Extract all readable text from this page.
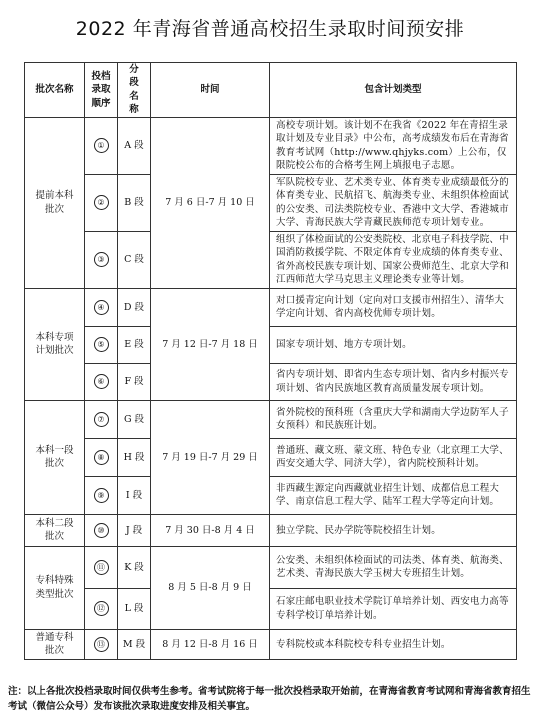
2022 年青海省普通高校招生录取时间预安排
批次名称	投档录取顺序	分段名称	时间	包含计划类型
提前本科批次	①	A 段	7 月 6 日-7 月 10 日	高校专项计划。该计划不在我省《2022 年在青招生录取计划及专业目录》中公布，高考成绩发布后在青海省教育考试网（http://www.qhjyks.com）上公布，仅限院校公布的合格考生网上填报电子志愿。
	②	B 段		军队院校专业、艺术类专业、体育类专业成绩最低分的体育类专业、民航招飞、航海类专业、未组织体检面试的公安类、司法类院校专业、香港中文大学、香港城市大学、青海民族大学青藏民族师范专项计划专业。
	③	C 段		组织了体检面试的公安类院校、北京电子科技学院、中国消防救援学院、不限定体育专业成绩的体育类专业、省外高校民族专项计划、国家公费师范生、北京大学和江西师范大学马克思主义理论类专业等计划。
本科专项计划批次	④	D 段	7 月 12 日-7 月 18 日	对口援青定向计划（定向对口支援市州招生）、清华大学定向计划、省内高校优师专项计划。
	⑤	E 段		国家专项计划、地方专项计划。
	⑥	F 段		省内专项计划、即省内生态专项计划、省内乡村振兴专项计划、省内民族地区教育高质量发展专项计划。
本科一段批次	⑦	G 段	7 月 19 日-7 月 29 日	省外院校的预科班（含重庆大学和湖南大学边防军人子女预科）和民族班计划。
	⑧	H 段		普通班、藏文班、蒙文班、特色专业（北京理工大学、西安交通大学、同济大学），省内院校预科计划。
	⑨	I 段		非西藏生源定向西藏就业招生计划、成都信息工程大学、南京信息工程大学、陆军工程大学等定向计划。
本科二段批次	⑩	J 段	7 月 30 日-8 月 4 日	独立学院、民办学院等院校招生计划。
专科特殊类型批次	⑪	K 段	8 月 5 日-8 月 9 日	公安类、未组织体检面试的司法类、体育类、航海类、艺术类、青海民族大学玉树大专班招生计划。
	⑫	L 段		石家庄邮电职业技术学院订单培养计划、西安电力高等专科学校订单培养计划。
普通专科批次	⑬	M 段	8 月 12 日-8 月 16 日	专科院校或本科院校专科专业招生计划。
注：以上各批次投档录取时间仅供考生参考。省考试院将于每一批次投档录取开始前，在青海省教育考试网和青海省教育招生考试（微信公众号）发布该批次录取进度安排及相关事宜。
